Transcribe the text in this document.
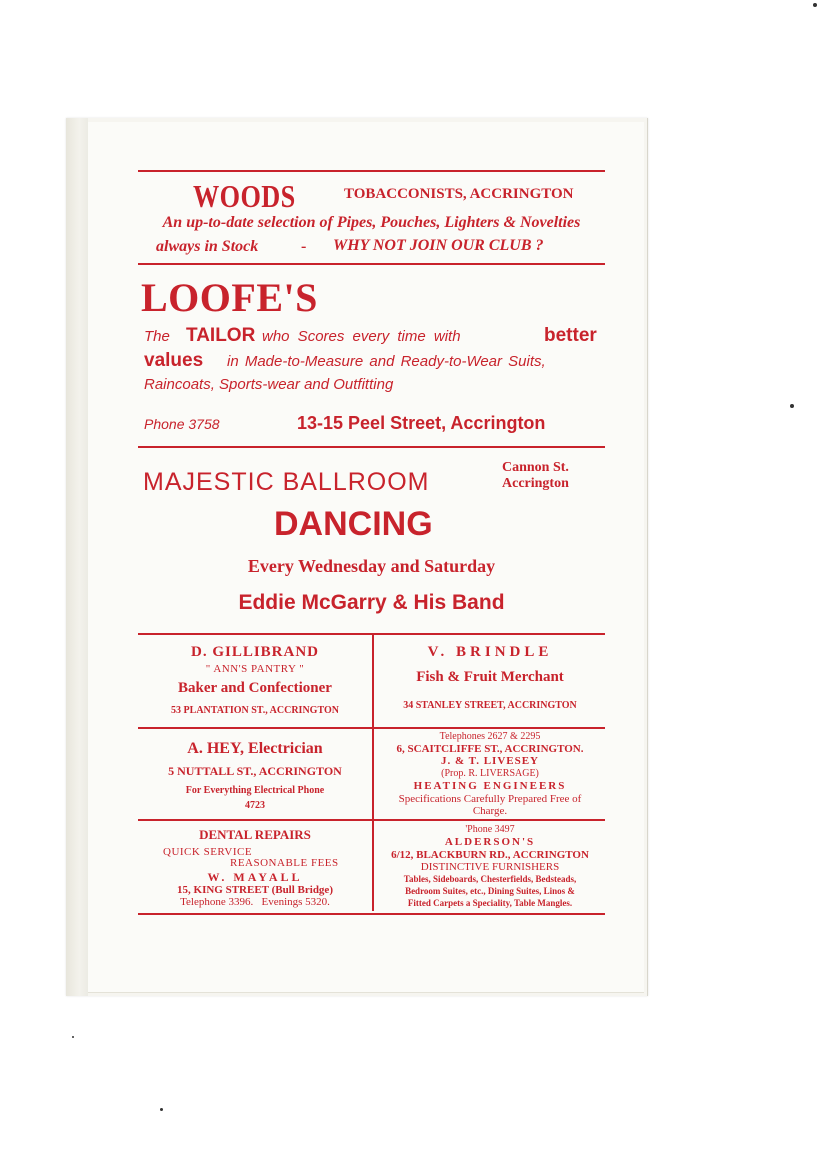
WOODS	TOBACCONISTS, ACCRINGTON
An up-to-date selection of Pipes, Pouches, Lighters & Novelties
always in Stock	- WHY NOT JOIN OUR CLUB ?
LOOFE'S
The TAILOR who Scores every time with	better
values in Made-to-Measure and Ready-to-Wear Suits,
Raincoats, Sports-wear and Outfitting
Phone 3758	13-15 Peel Street, Accrington
MAJESTIC BALLROOM
Cannon St.
Accrington
DANCING
Every Wednesday and Saturday
Eddie McGarry & His Band
D. GILLIBRAND
" ANN'S PANTRY "
Baker and Confectioner
53 PLANTATION ST., ACCRINGTON
V. BRINDLE
Fish & Fruit Merchant
34 STANLEY STREET, ACCRINGTON
A. HEY, Electrician
5 NUTTALL ST., ACCRINGTON
For Everything Electrical Phone
4723
Telephones 2627 & 2295
6, SCAITCLIFFE ST., ACCRINGTON.
J. & T. LIVESEY
(Prop. R. LIVERSAGE)
HEATING ENGINEERS
Specifications Carefully Prepared Free of
Charge.
DENTAL REPAIRS
QUICK SERVICE
REASONABLE FEES
W. MAYALL
15, KING STREET (Bull Bridge)
Telephone 3396.   Evenings 5320.
'Phone 3497
ALDERSON'S
6/12, BLACKBURN RD., ACCRINGTON
DISTINCTIVE FURNISHERS
Tables, Sideboards, Chesterfields, Bedsteads,
Bedroom Suites, etc., Dining Suites, Linos &
Fitted Carpets a Speciality, Table Mangles.
